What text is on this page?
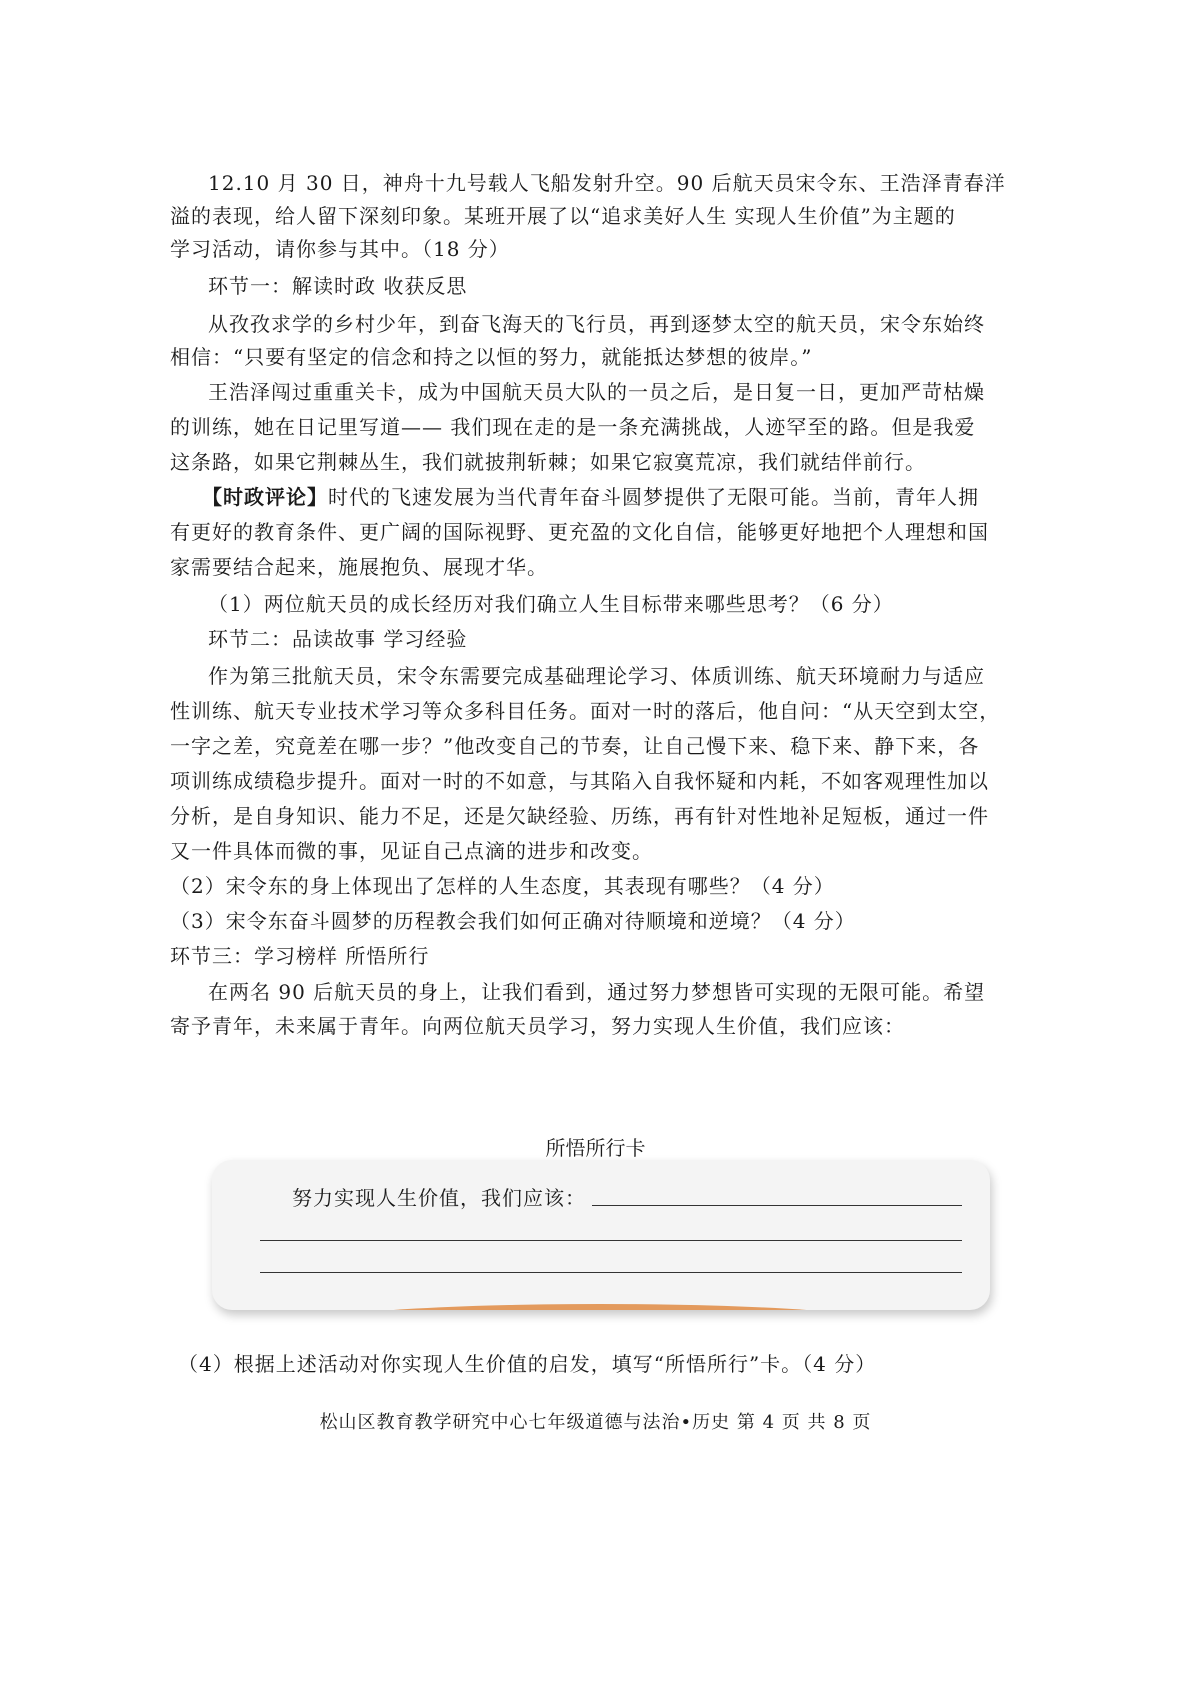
12.10 月 30 日，神舟十九号载人飞船发射升空。90 后航天员宋令东、王浩泽青春洋

溢的表现，给人留下深刻印象。某班开展了以“追求美好人生 实现人生价值”为主题的

学习活动，请你参与其中。（18 分）

环节一：解读时政 收获反思

从孜孜求学的乡村少年，到奋飞海天的飞行员，再到逐梦太空的航天员，宋令东始终

相信：“只要有坚定的信念和持之以恒的努力，就能抵达梦想的彼岸。”

王浩泽闯过重重关卡，成为中国航天员大队的一员之后，是日复一日，更加严苛枯燥

的训练，她在日记里写道—— 我们现在走的是一条充满挑战，人迹罕至的路。但是我爱

这条路，如果它荆棘丛生，我们就披荆斩棘；如果它寂寞荒凉，我们就结伴前行。

【时政评论】时代的飞速发展为当代青年奋斗圆梦提供了无限可能。当前，青年人拥

有更好的教育条件、更广阔的国际视野、更充盈的文化自信，能够更好地把个人理想和国

家需要结合起来，施展抱负、展现才华。

（1）两位航天员的成长经历对我们确立人生目标带来哪些思考？（6 分）

环节二：品读故事 学习经验

作为第三批航天员，宋令东需要完成基础理论学习、体质训练、航天环境耐力与适应

性训练、航天专业技术学习等众多科目任务。面对一时的落后，他自问：“从天空到太空，

一字之差，究竟差在哪一步？”他改变自己的节奏，让自己慢下来、稳下来、静下来，各

项训练成绩稳步提升。面对一时的不如意，与其陷入自我怀疑和内耗，不如客观理性加以

分析，是自身知识、能力不足，还是欠缺经验、历练，再有针对性地补足短板，通过一件

又一件具体而微的事，见证自己点滴的进步和改变。

（2）宋令东的身上体现出了怎样的人生态度，其表现有哪些？（4 分）

（3）宋令东奋斗圆梦的历程教会我们如何正确对待顺境和逆境？（4 分）

环节三：学习榜样 所悟所行

在两名 90 后航天员的身上，让我们看到，通过努力梦想皆可实现的无限可能。希望

寄予青年，未来属于青年。向两位航天员学习，努力实现人生价值，我们应该：

所悟所行卡
努力实现人生价值，我们应该：

（4）根据上述活动对你实现人生价值的启发，填写“所悟所行”卡。（4 分）

松山区教育教学研究中心七年级道德与法治•历史 第 4 页 共 8 页
